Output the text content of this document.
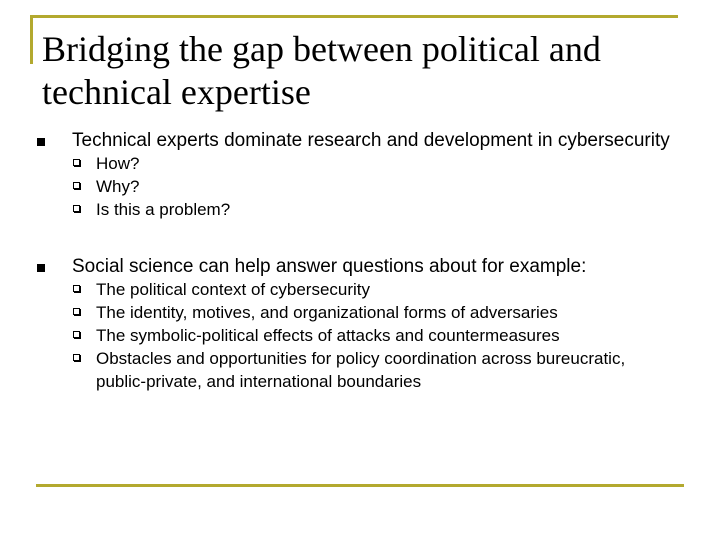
Bridging the gap between political and
technical expertise
Technical experts dominate research and development in cybersecurity
How?
Why?
Is this a problem?
Social science can help answer questions about for example:
The political context of cybersecurity
The identity, motives, and organizational forms of adversaries
The symbolic-political effects of attacks and countermeasures
Obstacles and opportunities for policy coordination across bureucratic, public-private, and international boundaries
